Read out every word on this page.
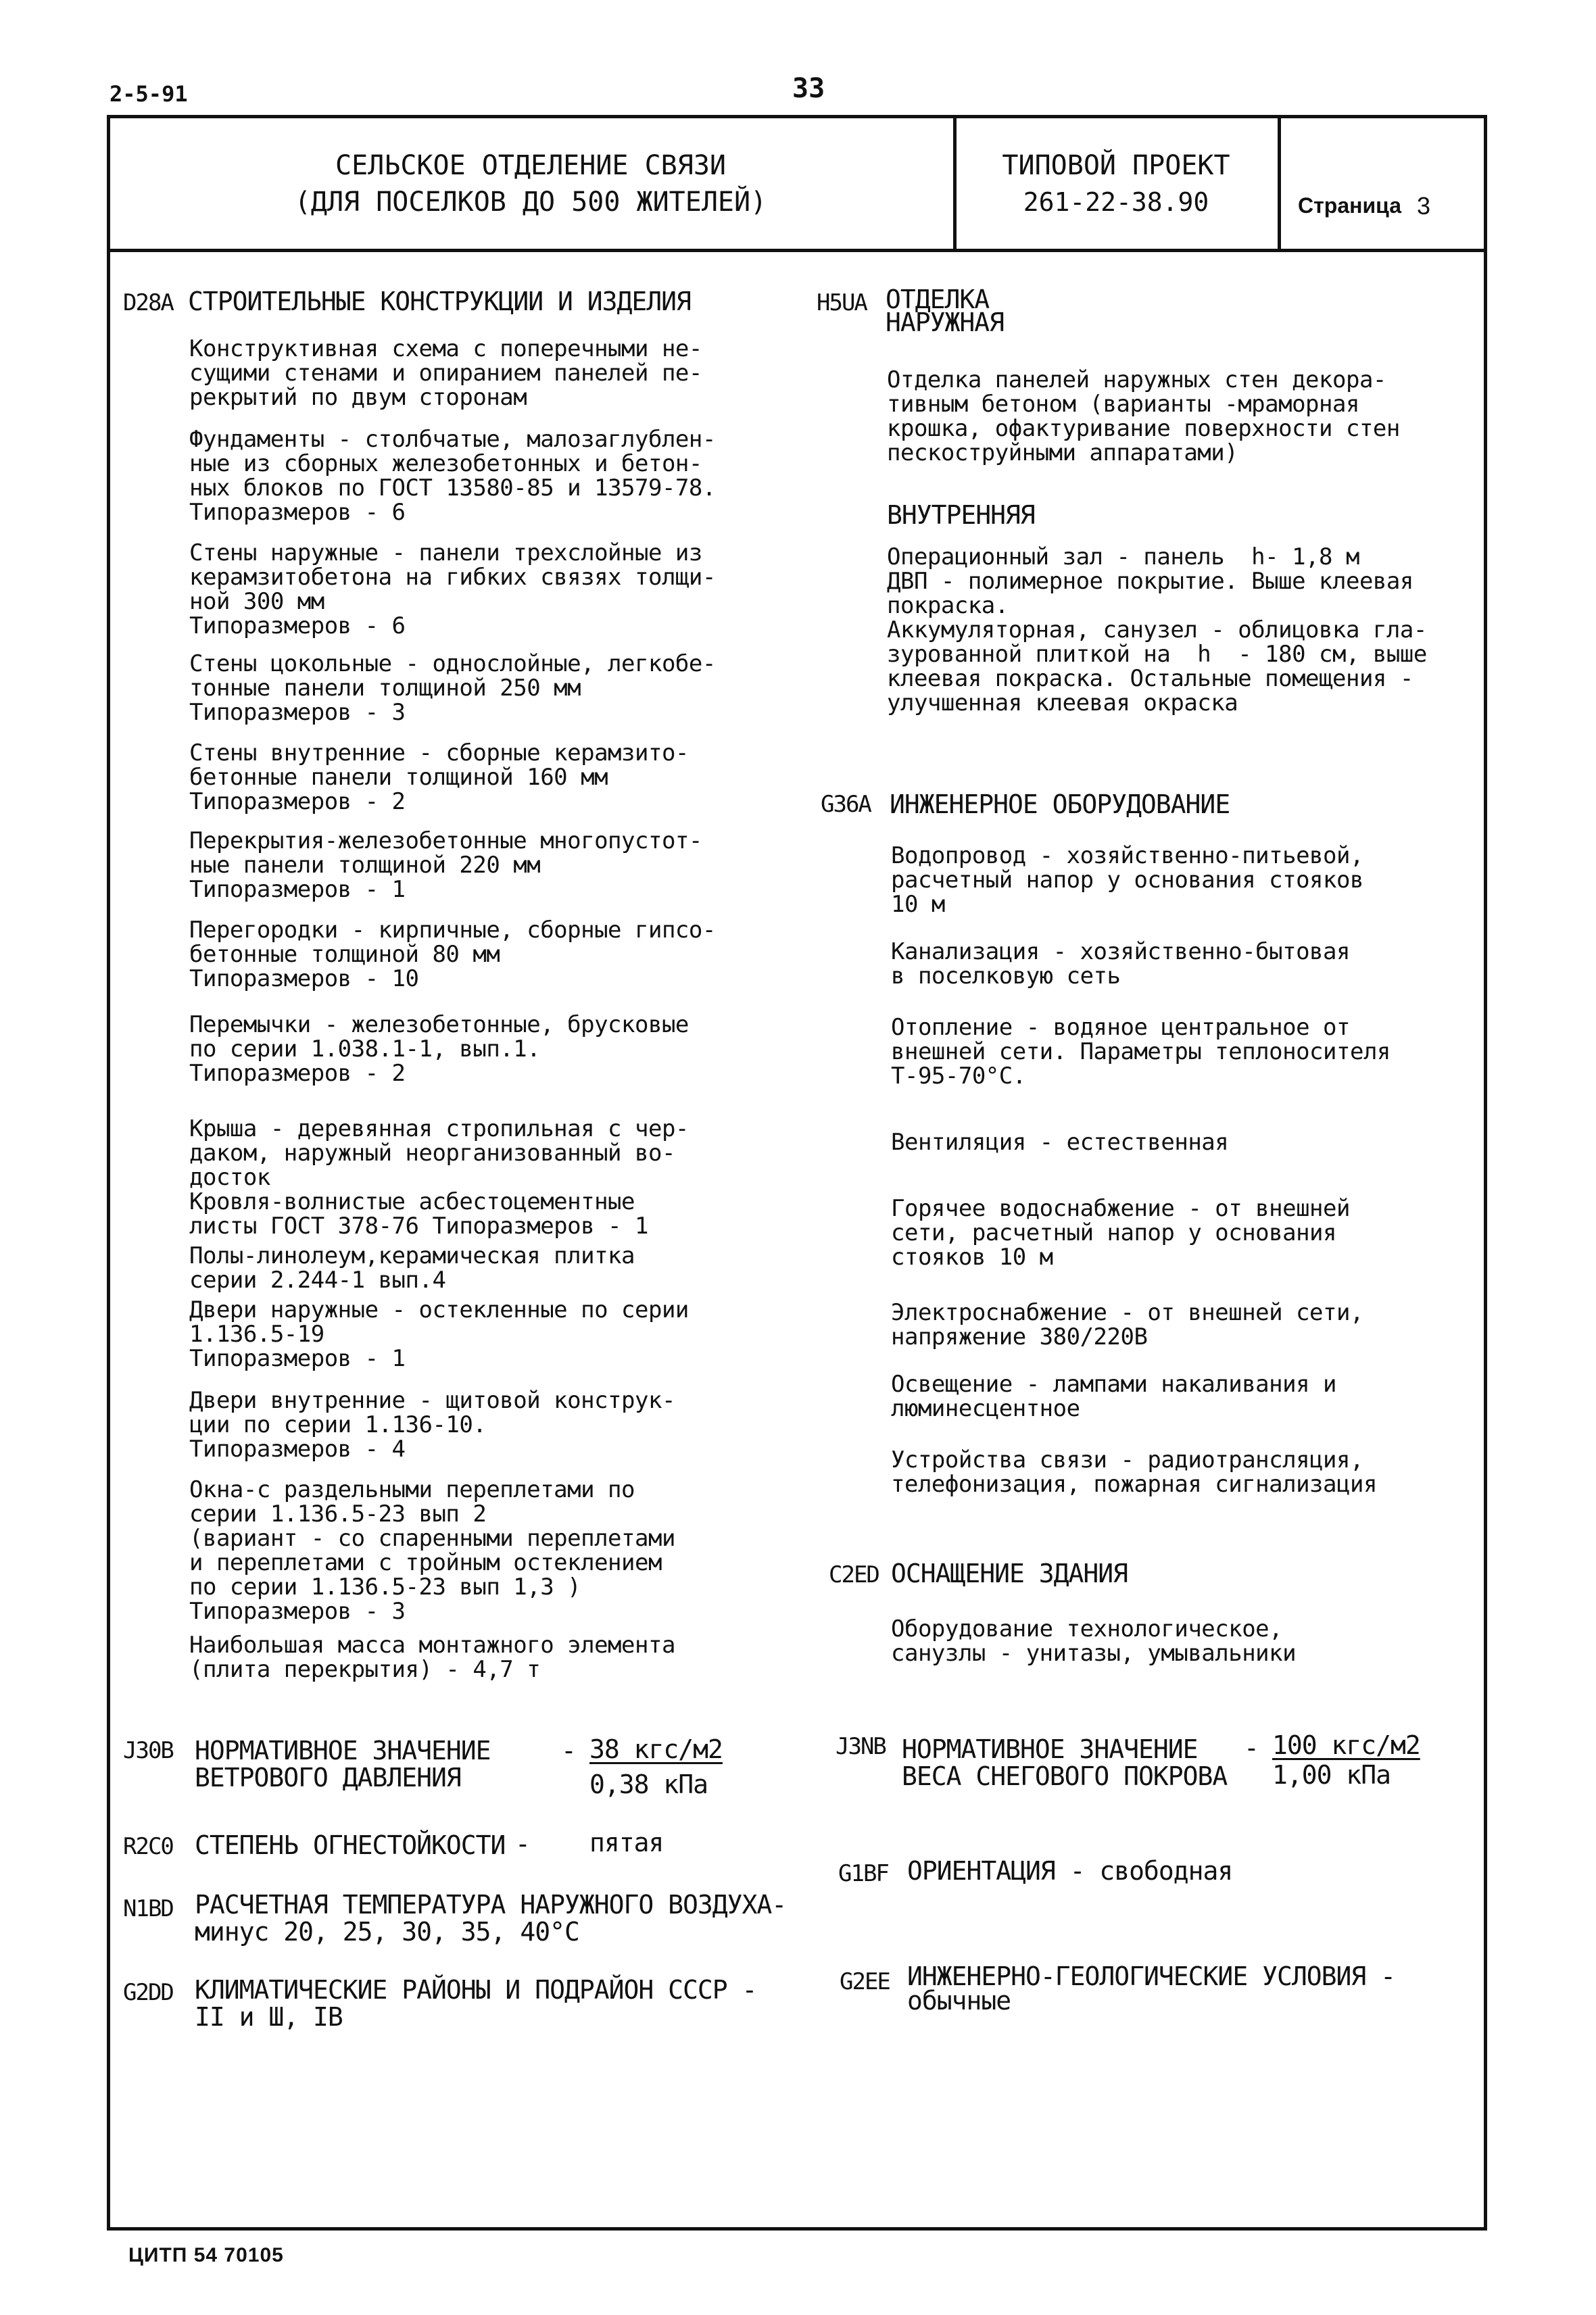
2-5-91	33
СЕЛЬСКОЕ ОТДЕЛЕНИЕ СВЯЗИ
(ДЛЯ ПОСЕЛКОВ ДО 500 ЖИТЕЛЕЙ)
ТИПОВОЙ ПРОЕКТ
261-22-38.90	Страница 3
D28A СТРОИТЕЛЬНЫЕ КОНСТРУКЦИИ И ИЗДЕЛИЯ
Конструктивная схема с поперечными не-
сущими стенами и опиранием панелей пе-
рекрытий по двум сторонам
Фундаменты - столбчатые, малозаглублен-
ные из сборных железобетонных и бетон-
ных блоков по ГОСТ 13580-85 и 13579-78.
Типоразмеров - 6
Стены наружные - панели трехслойные из
керамзитобетона на гибких связях толщи-
ной 300 мм
Типоразмеров - 6
Стены цокольные - однослойные, легкобе-
тонные панели толщиной 250 мм
Типоразмеров - 3
Стены внутренние - сборные керамзито-
бетонные панели толщиной 160 мм
Типоразмеров - 2
Перекрытия-железобетонные многопустот-
ные панели толщиной 220 мм
Типоразмеров - 1
Перегородки - кирпичные, сборные гипсо-
бетонные толщиной 80 мм
Типоразмеров - 10
Перемычки - железобетонные, брусковые
по серии 1.038.1-1, вып.1.
Типоразмеров - 2
Крыша - деревянная стропильная с чер-
даком, наружный неорганизованный во-
досток
Кровля-волнистые асбестоцементные
листы ГОСТ 378-76 Типоразмеров - 1
Полы-линолеум,керамическая плитка
серии 2.244-1 вып.4
Двери наружные - остекленные по серии
1.136.5-19
Типоразмеров - 1
Двери внутренние - щитовой конструк-
ции по серии 1.136-10.
Типоразмеров - 4
Окна-с раздельными переплетами по
серии 1.136.5-23 вып 2
(вариант - со спаренными переплетами
и переплетами с тройным остеклением
по серии 1.136.5-23 вып 1,3 )
Типоразмеров - 3
Наибольшая масса монтажного элемента
(плита перекрытия) - 4,7 т
J30B НОРМАТИВНОЕ ЗНАЧЕНИЕ
ВЕТРОВОГО ДАВЛЕНИЯ
- 38 кгс/м2
0,38 кПа
R2C0 СТЕПЕНЬ ОГНЕСТОЙКОСТИ - пятая
N1BD РАСЧЕТНАЯ ТЕМПЕРАТУРА НАРУЖНОГО ВОЗДУХА-
минус 20, 25, 30, 35, 40°С
G2DD КЛИМАТИЧЕСКИЕ РАЙОНЫ И ПОДРАЙОН СССР -
II и Ш, IВ
H5UA ОТДЕЛКА
НАРУЖНАЯ
Отделка панелей наружных стен декора-
тивным бетоном (варианты -мраморная
крошка, офактуривание поверхности стен
пескоструйными аппаратами)
ВНУТРЕННЯЯ
Операционный зал - панель  h- 1,8 м
ДВП - полимерное покрытие. Выше клеевая
покраска.
Аккумуляторная, санузел - облицовка гла-
зурованной плиткой на  h  - 180 см, выше
клеевая покраска. Остальные помещения -
улучшенная клеевая окраска
G36A ИНЖЕНЕРНОЕ ОБОРУДОВАНИЕ
Водопровод - хозяйственно-питьевой,
расчетный напор у основания стояков
10 м
Канализация - хозяйственно-бытовая
в поселковую сеть
Отопление - водяное центральное от
внешней сети. Параметры теплоносителя
Т-95-70°С.
Вентиляция - естественная
Горячее водоснабжение - от внешней
сети, расчетный напор у основания
стояков 10 м
Электроснабжение - от внешней сети,
напряжение 380/220В
Освещение - лампами накаливания и
люминесцентное
Устройства связи - радиотрансляция,
телефонизация, пожарная сигнализация
C2ED ОСНАЩЕНИЕ ЗДАНИЯ
Оборудование технологическое,
санузлы - унитазы, умывальники
J3NB НОРМАТИВНОЕ ЗНАЧЕНИЕ
ВЕСА СНЕГОВОГО ПОКРОВА
- 100 кгс/м2
1,00 кПа
G1BF ОРИЕНТАЦИЯ - свободная
G2EE ИНЖЕНЕРНО-ГЕОЛОГИЧЕСКИЕ УСЛОВИЯ -
обычные
ЦИТП 54 70105
